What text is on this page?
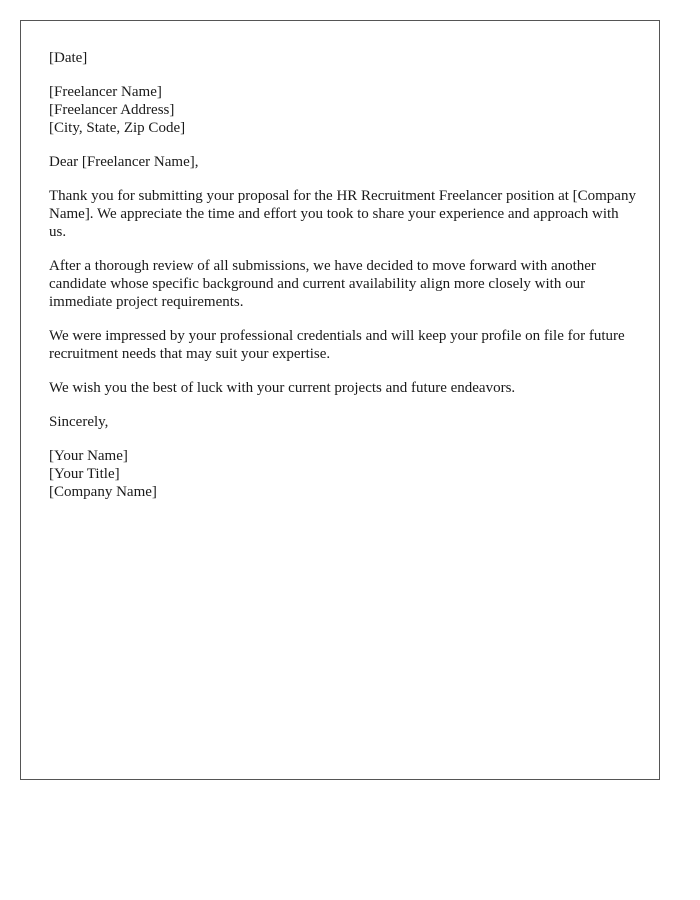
[Date]
[Freelancer Name]
[Freelancer Address]
[City, State, Zip Code]
Dear [Freelancer Name],

Thank you for submitting your proposal for the HR Recruitment Freelancer position at [Company Name]. We appreciate the time and effort you took to share your experience and approach with us.

After a thorough review of all submissions, we have decided to move forward with another candidate whose specific background and current availability align more closely with our immediate project requirements.

We were impressed by your professional credentials and will keep your profile on file for future recruitment needs that may suit your expertise.

We wish you the best of luck with your current projects and future endeavors.

Sincerely,
[Your Name]
[Your Title]
[Company Name]
